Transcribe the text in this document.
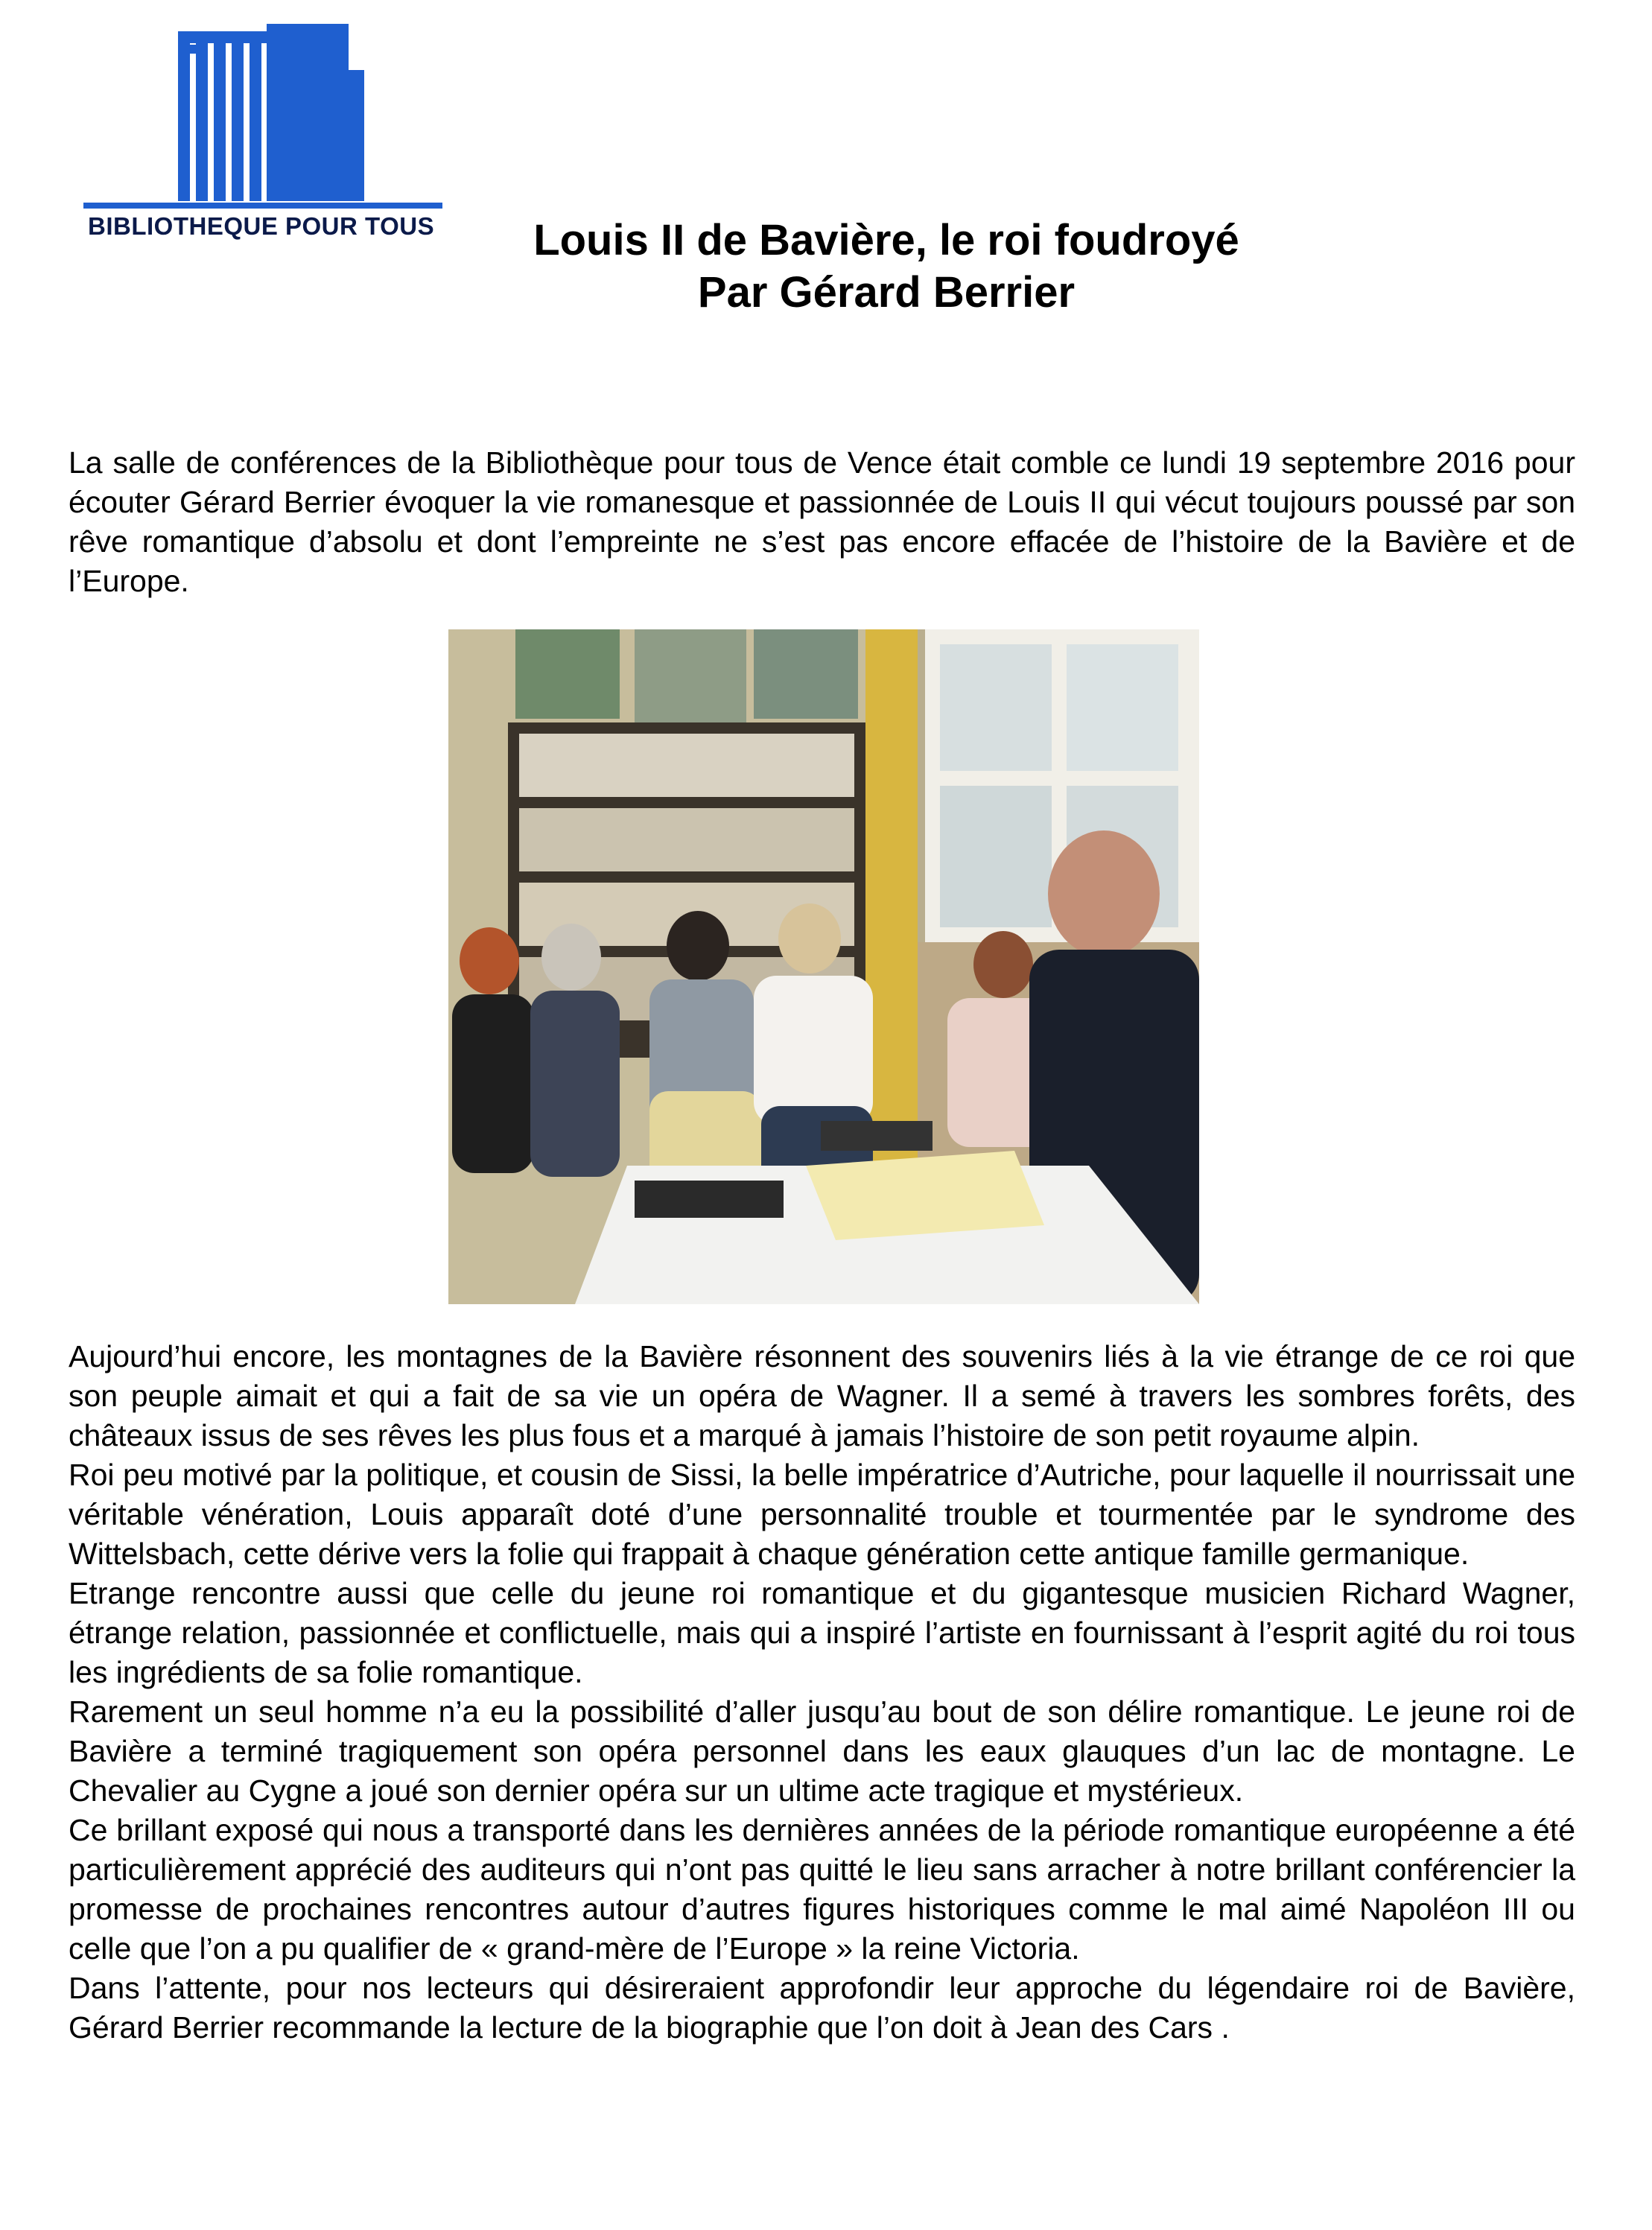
BIBLIOTHEQUE POUR TOUS	Louis II de Bavière, le roi foudroyé
Par Gérard Berrier
La salle de conférences de la Bibliothèque pour tous de Vence était comble ce lundi 19 septembre 2016 pour écouter Gérard Berrier évoquer la vie romanesque et passionnée de Louis II qui vécut toujours poussé par son rêve romantique d’absolu et dont l’empreinte ne s’est pas encore effacée de l’histoire de la Bavière et de l’Europe.

Aujourd’hui encore, les montagnes de la Bavière résonnent des souvenirs liés à la vie étrange de ce roi que son peuple aimait et qui a fait de sa vie un opéra de Wagner. Il a semé à travers les sombres forêts, des châteaux issus de ses rêves les plus fous et a marqué à jamais l’histoire de son petit royaume alpin.

Roi peu motivé par la politique, et cousin de Sissi, la belle impératrice d’Autriche, pour laquelle il nourrissait une véritable vénération, Louis apparaît doté d’une personnalité trouble et tourmentée par le syndrome des Wittelsbach, cette dérive vers la folie qui frappait à chaque génération cette antique famille germanique.

Etrange rencontre aussi que celle du jeune roi romantique et du gigantesque musicien Richard Wagner, étrange relation, passionnée et conflictuelle, mais qui a inspiré l’artiste en fournissant à l’esprit agité du roi tous les ingrédients de sa folie romantique.

Rarement un seul homme n’a eu la possibilité d’aller jusqu’au bout de son délire romantique. Le jeune roi de Bavière a terminé tragiquement son opéra personnel dans les eaux glauques d’un lac de montagne. Le Chevalier au Cygne a joué son dernier opéra sur un ultime acte tragique et mystérieux.

Ce brillant exposé qui nous a transporté dans les dernières années de la période romantique européenne a été particulièrement apprécié des auditeurs qui n’ont pas quitté le lieu sans arracher à notre brillant conférencier la promesse de prochaines rencontres autour d’autres figures historiques comme le mal aimé Napoléon III ou celle que l’on a pu qualifier de « grand-mère de l’Europe » la reine Victoria.

Dans l’attente, pour nos lecteurs qui désireraient approfondir leur approche du légendaire roi de Bavière, Gérard Berrier recommande la lecture de la biographie que l’on doit à Jean des Cars .
